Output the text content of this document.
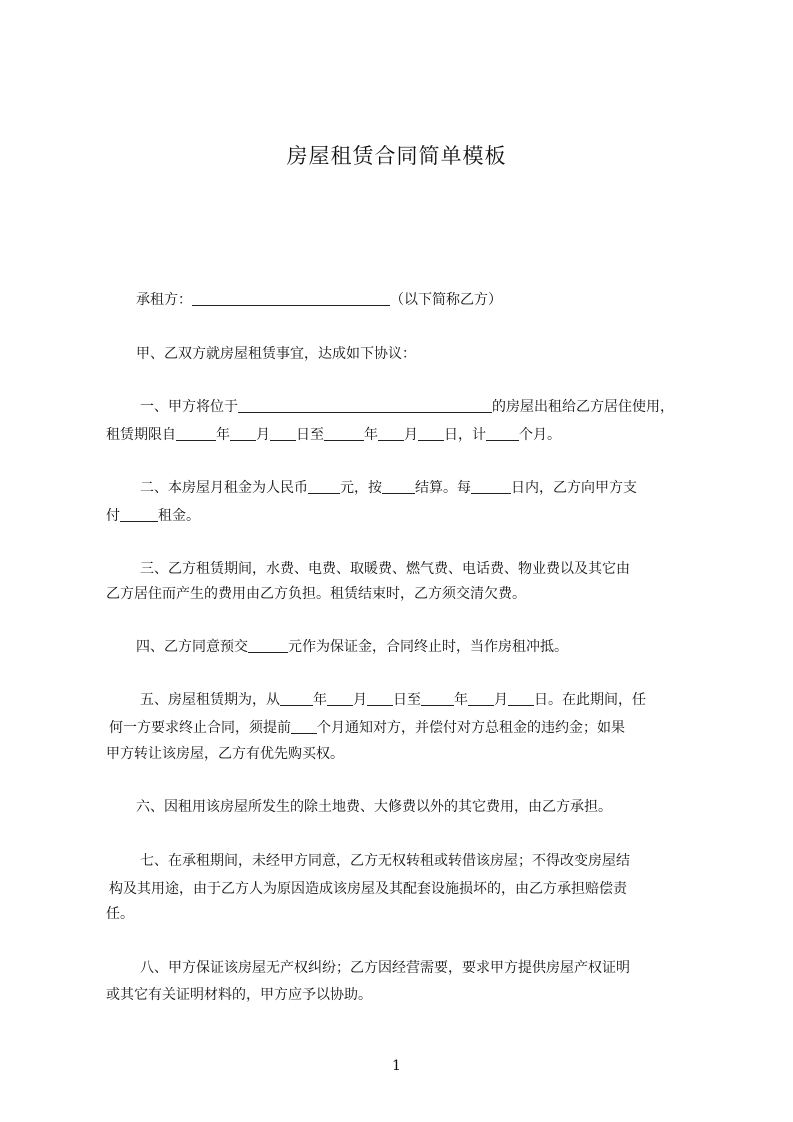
房屋租赁合同简单模板
承租方：	（以下简称乙方）
甲、乙双方就房屋租赁事宜，达成如下协议：
一、甲方将位于	的房屋出租给乙方居住使用，
租赁期限自	年 月 日至	年 月 日，计 个月。
二、本房屋月租金为人民币 元，按 结算。每	日内，乙方向甲方支
付	租金。
三、乙方租赁期间，水费、电费、取暖费、燃气费、电话费、物业费以及其它由
乙方居住而产生的费用由乙方负担。租赁结束时，乙方须交清欠费。
四、乙方同意预交	元作为保证金，合同终止时，当作房租冲抵。
五、房屋租赁期为，从 年 月 日至 年 月 日。在此期间，任
何一方要求终止合同，须提前 个月通知对方，并偿付对方总租金的违约金；如果
甲方转让该房屋，乙方有优先购买权。
六、因租用该房屋所发生的除土地费、大修费以外的其它费用，由乙方承担。
七、在承租期间，未经甲方同意，乙方无权转租或转借该房屋；不得改变房屋结
构及其用途，由于乙方人为原因造成该房屋及其配套设施损坏的，由乙方承担赔偿责
任。
八、甲方保证该房屋无产权纠纷；乙方因经营需要，要求甲方提供房屋产权证明
或其它有关证明材料的，甲方应予以协助。
1
